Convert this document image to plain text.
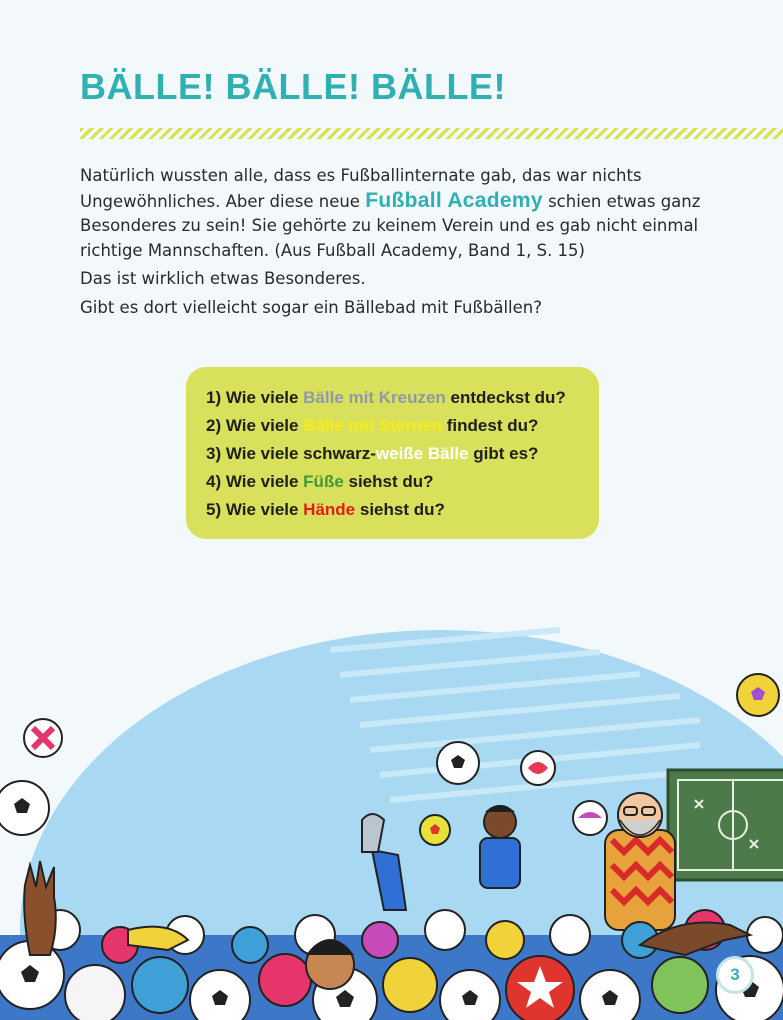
BÄLLE! BÄLLE! BÄLLE!

Natürlich wussten alle, dass es Fußballinternate gab, das war nichts Ungewöhnliches. Aber diese neue Fußball Academy schien etwas ganz Besonderes zu sein! Sie gehörte zu keinem Verein und es gab nicht einmal richtige Mannschaften. (Aus Fußball Academy, Band 1, S. 15)

Das ist wirklich etwas Besonderes.

Gibt es dort vielleicht sogar ein Bällebad mit Fußbällen?

1) Wie viele Bälle mit Kreuzen entdeckst du?
2) Wie viele Bälle mit Sternen findest du?
3) Wie viele schwarz-weiße Bälle gibt es?
4) Wie viele Füße siehst du?
5) Wie viele Hände siehst du?
3
